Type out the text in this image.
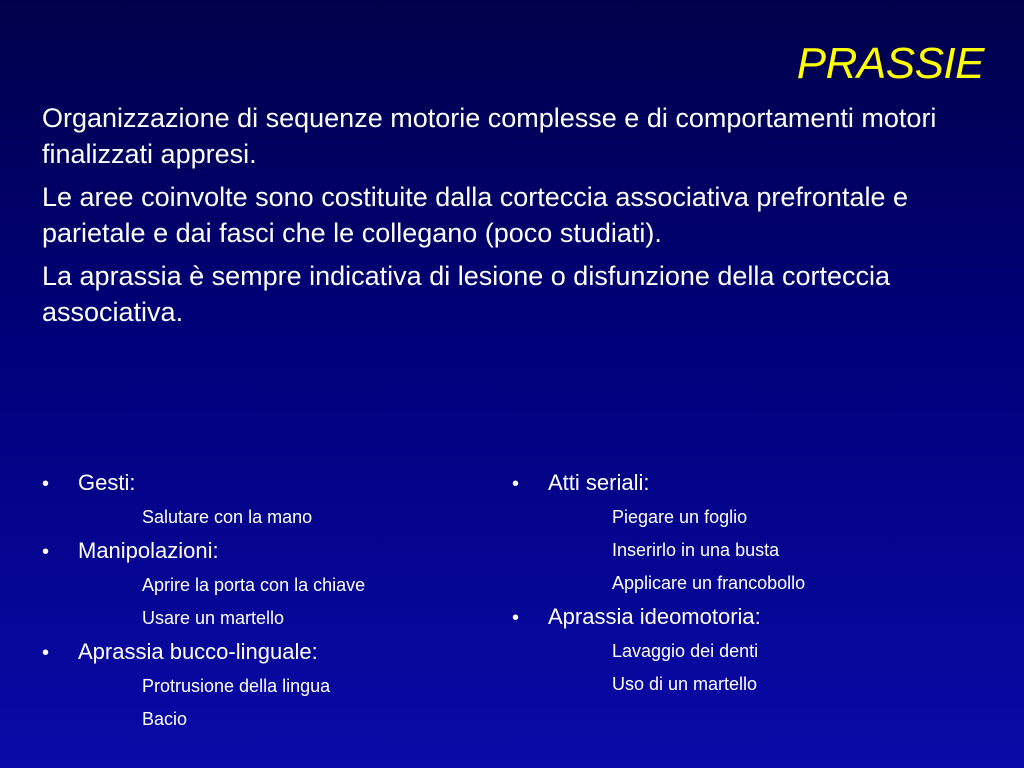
PRASSIE

Organizzazione di sequenze motorie complesse e di comportamenti motori finalizzati appresi.

Le aree coinvolte sono costituite dalla corteccia associativa prefrontale e parietale e dai fasci che le collegano (poco studiati).

La aprassia è sempre indicativa di lesione o disfunzione della corteccia associativa.

•	Gesti:
Salutare con la mano
•	Manipolazioni:
Aprire la porta con la chiave
Usare un martello
•	Aprassia bucco-linguale:
Protrusione della lingua
Bacio
•	Atti seriali:
Piegare un foglio
Inserirlo in una busta
Applicare un francobollo
•	Aprassia ideomotoria:
Lavaggio dei denti
Uso di un martello
